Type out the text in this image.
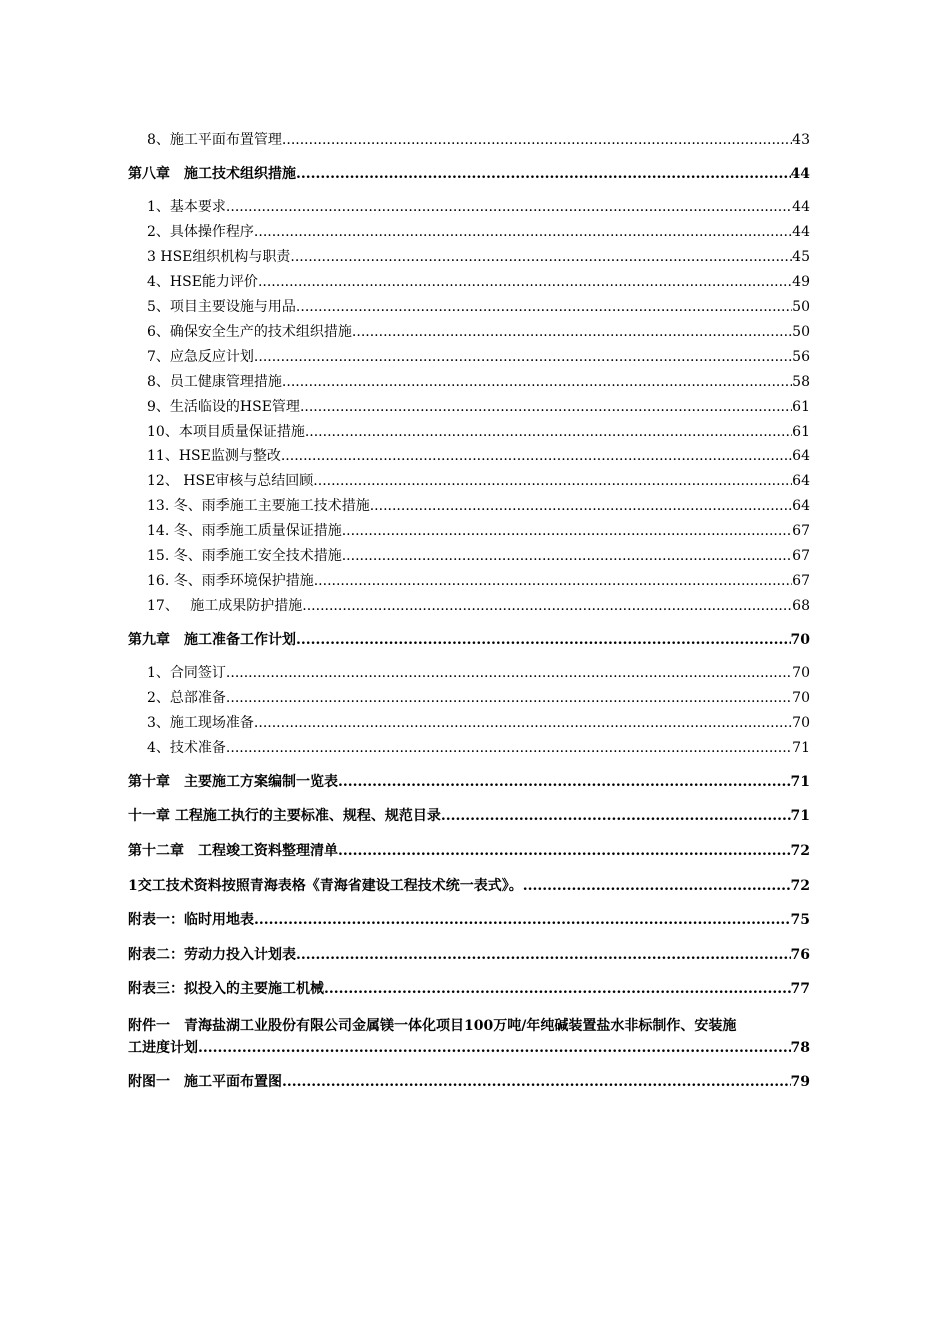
8、施工平面布置管理 .....	43
第八章　施工技术组织措施 .....	44
1、基本要求 .....	44
2、具体操作程序 .....	44
3 HSE组织机构与职责 .....	45
4、HSE能力评价 .....	49
5、项目主要设施与用品 .....	50
6、确保安全生产的技术组织措施 .....	50
7、应急反应计划 .....	56
8、员工健康管理措施 .....	58
9、生活临设的HSE管理 .....	61
10、本项目质量保证措施 .....	61
11、HSE监测与整改 .....	64
12、 HSE审核与总结回顾 .....	64
13. 冬、雨季施工主要施工技术措施 .....	64
14. 冬、雨季施工质量保证措施 .....	67
15. 冬、雨季施工安全技术措施 .....	67
16. 冬、雨季环境保护措施 .....	67
17、　 施工成果防护措施 .....	68
第九章　施工准备工作计划 .....	70
1、合同签订 .....	70
2、总部准备 .....	70
3、施工现场准备 .....	70
4、技术准备 .....	71
第十章　主要施工方案编制一览表 .....	71
十一章 工程施工执行的主要标准、规程、规范目录 .....	71
第十二章　工程竣工资料整理清单 .....	72
1交工技术资料按照青海表格《青海省建设工程技术统一表式》。 .....	72
附表一：临时用地表 .....	75
附表二：劳动力投入计划表 .....	76
附表三：拟投入的主要施工机械 .....	77
附件一　青海盐湖工业股份有限公司金属镁一体化项目100万吨/年纯碱装置盐水非标制作、安装施
工进度计划 .....	78
附图一　施工平面布置图 .....	79
